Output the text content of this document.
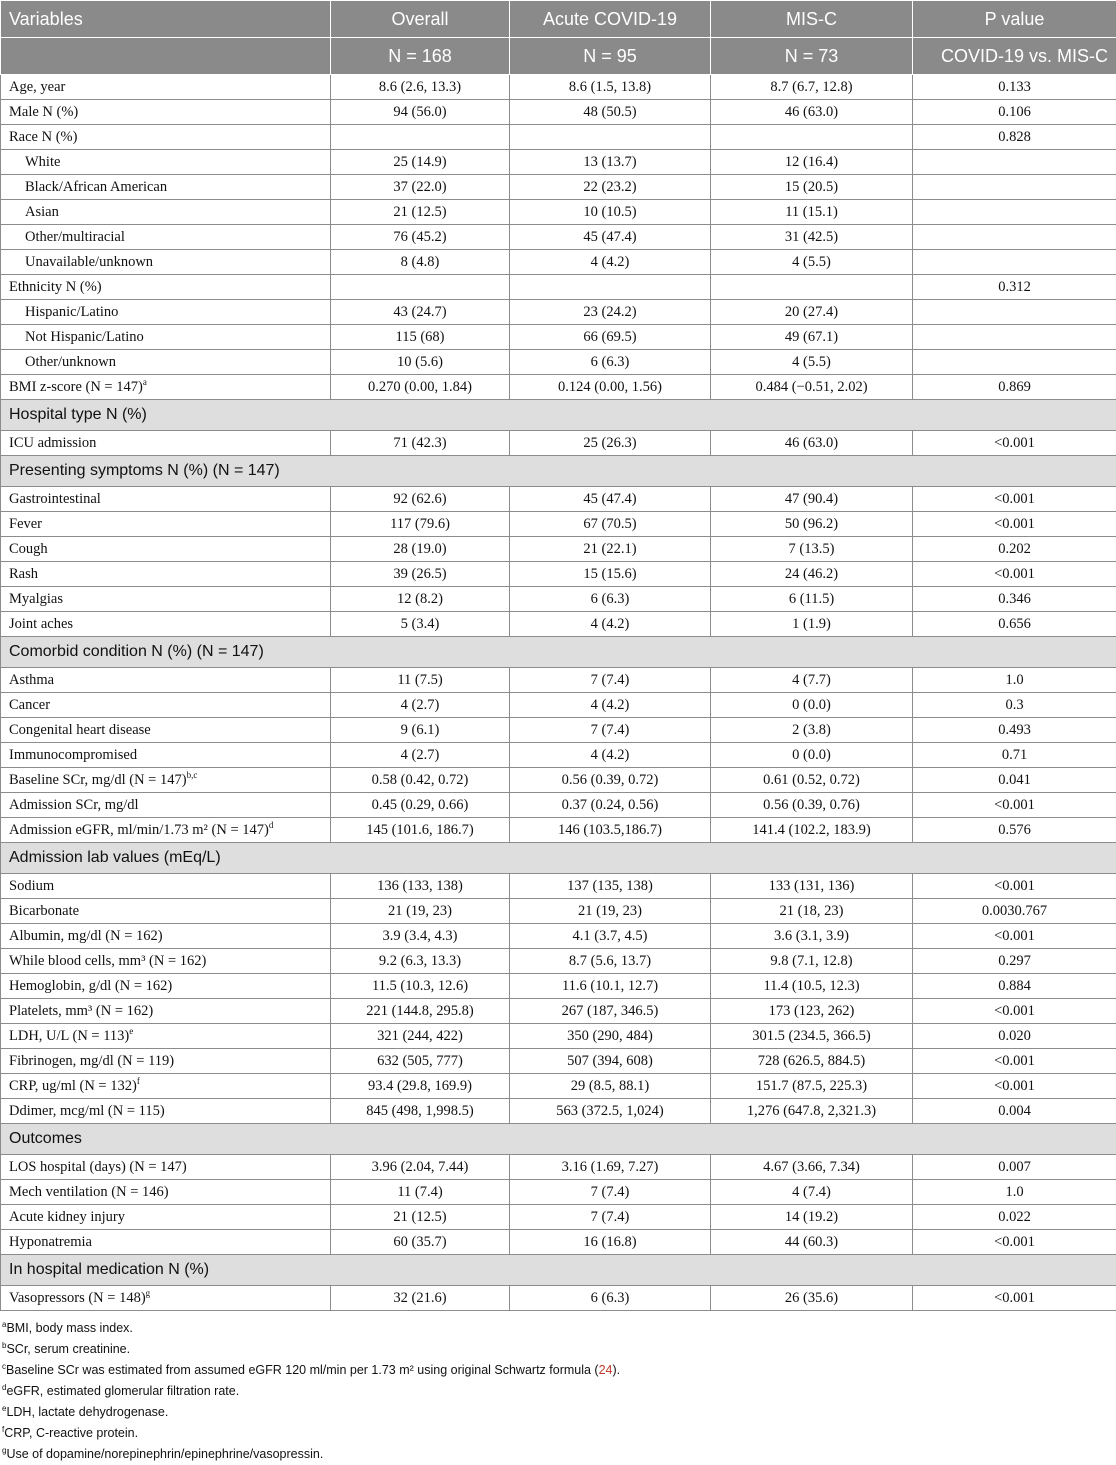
Variables	Overall	Acute COVID-19	MIS-C	P value
	N = 168	N = 95	N = 73	COVID-19 vs. MIS-C
Age, year	8.6 (2.6, 13.3)	8.6 (1.5, 13.8)	8.7 (6.7, 12.8)	0.133
Male N (%)	94 (56.0)	48 (50.5)	46 (63.0)	0.106
Race N (%)				0.828
White	25 (14.9)	13 (13.7)	12 (16.4)	
Black/African American	37 (22.0)	22 (23.2)	15 (20.5)	
Asian	21 (12.5)	10 (10.5)	11 (15.1)	
Other/multiracial	76 (45.2)	45 (47.4)	31 (42.5)	
Unavailable/unknown	8 (4.8)	4 (4.2)	4 (5.5)	
Ethnicity N (%)				0.312
Hispanic/Latino	43 (24.7)	23 (24.2)	20 (27.4)	
Not Hispanic/Latino	115 (68)	66 (69.5)	49 (67.1)	
Other/unknown	10 (5.6)	6 (6.3)	4 (5.5)	
BMI z-score (N = 147)$^a$	0.270 (0.00, 1.84)	0.124 (0.00, 1.56)	0.484 (−0.51, 2.02)	0.869
Hospital type N (%)				
ICU admission	71 (42.3)	25 (26.3)	46 (63.0)	<0.001
Presenting symptoms N (%) (N = 147)				
Gastrointestinal	92 (62.6)	45 (47.4)	47 (90.4)	<0.001
Fever	117 (79.6)	67 (70.5)	50 (96.2)	<0.001
Cough	28 (19.0)	21 (22.1)	7 (13.5)	0.202
Rash	39 (26.5)	15 (15.6)	24 (46.2)	<0.001
Myalgias	12 (8.2)	6 (6.3)	6 (11.5)	0.346
Joint aches	5 (3.4)	4 (4.2)	1 (1.9)	0.656
Comorbid condition N (%) (N = 147)				
Asthma	11 (7.5)	7 (7.4)	4 (7.7)	1.0
Cancer	4 (2.7)	4 (4.2)	0 (0.0)	0.3
Congenital heart disease	9 (6.1)	7 (7.4)	2 (3.8)	0.493
Immunocompromised	4 (2.7)	4 (4.2)	0 (0.0)	0.71
Baseline SCr, mg/dl (N = 147)$^{b,c}$	0.58 (0.42, 0.72)	0.56 (0.39, 0.72)	0.61 (0.52, 0.72)	0.041
Admission SCr, mg/dl	0.45 (0.29, 0.66)	0.37 (0.24, 0.56)	0.56 (0.39, 0.76)	<0.001
Admission eGFR, ml/min/1.73 m² (N = 147)$^d$	145 (101.6, 186.7)	146 (103.5,186.7)	141.4 (102.2, 183.9)	0.576
Admission lab values (mEq/L)				
Sodium	136 (133, 138)	137 (135, 138)	133 (131, 136)	<0.001
Bicarbonate	21 (19, 23)	21 (19, 23)	21 (18, 23)	0.0030.767
Albumin, mg/dl (N = 162)	3.9 (3.4, 4.3)	4.1 (3.7, 4.5)	3.6 (3.1, 3.9)	<0.001
While blood cells, mm³ (N = 162)	9.2 (6.3, 13.3)	8.7 (5.6, 13.7)	9.8 (7.1, 12.8)	0.297
Hemoglobin, g/dl (N = 162)	11.5 (10.3, 12.6)	11.6 (10.1, 12.7)	11.4 (10.5, 12.3)	0.884
Platelets, mm³ (N = 162)	221 (144.8, 295.8)	267 (187, 346.5)	173 (123, 262)	<0.001
LDH, U/L (N = 113)$^e$	321 (244, 422)	350 (290, 484)	301.5 (234.5, 366.5)	0.020
Fibrinogen, mg/dl (N = 119)	632 (505, 777)	507 (394, 608)	728 (626.5, 884.5)	<0.001
CRP, ug/ml (N = 132)$^f$	93.4 (29.8, 169.9)	29 (8.5, 88.1)	151.7 (87.5, 225.3)	<0.001
Ddimer, mcg/ml (N = 115)	845 (498, 1,998.5)	563 (372.5, 1,024)	1,276 (647.8, 2,321.3)	0.004
Outcomes				
LOS hospital (days) (N = 147)	3.96 (2.04, 7.44)	3.16 (1.69, 7.27)	4.67 (3.66, 7.34)	0.007
Mech ventilation (N = 146)	11 (7.4)	7 (7.4)	4 (7.4)	1.0
Acute kidney injury	21 (12.5)	7 (7.4)	14 (19.2)	0.022
Hyponatremia	60 (35.7)	16 (16.8)	44 (60.3)	<0.001
In hospital medication N (%)				
Vasopressors (N = 148)$^g$	32 (21.6)	6 (6.3)	26 (35.6)	<0.001
$^a$BMI, body mass index.
$^b$SCr, serum creatinine.
$^c$Baseline SCr was estimated from assumed eGFR 120 ml/min per 1.73 m² using original Schwartz formula (24).
$^d$eGFR, estimated glomerular filtration rate.
$^e$LDH, lactate dehydrogenase.
$^f$CRP, C-reactive protein.
$^g$Use of dopamine/norepinephrin/epinephrine/vasopressin.
